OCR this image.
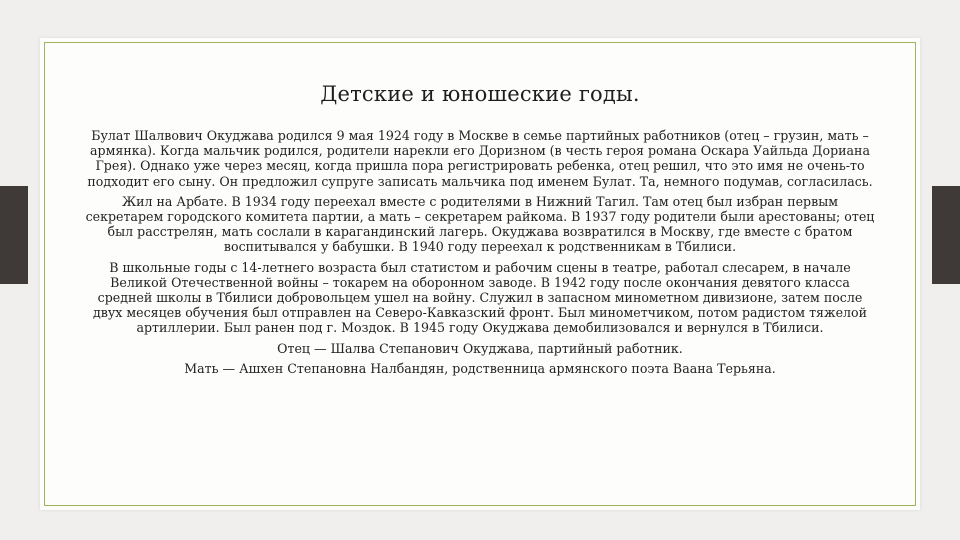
Детские и юношеские годы.

Булат Шалвович Окуджава родился 9 мая 1924 году в Москве в семье партийных работников (отец – грузин, мать – армянка). Когда мальчик родился, родители нарекли его Доризном (в честь героя романа Оскара Уайльда Дориана Грея). Однако уже через месяц, когда пришла пора регистрировать ребенка, отец решил, что это имя не очень-то подходит его сыну. Он предложил супруге записать мальчика под именем Булат. Та, немного подумав, согласилась.

Жил на Арбате. В 1934 году переехал вместе с родителями в Нижний Тагил. Там отец был избран первым секретарем городского комитета партии, а мать – секретарем райкома. В 1937 году родители были арестованы; отец был расстрелян, мать сослали в карагандинский лагерь. Окуджава возвратился в Москву, где вместе с братом воспитывался у бабушки. В 1940 году переехал к родственникам в Тбилиси.

В школьные годы с 14-летнего возраста был статистом и рабочим сцены в театре, работал слесарем, в начале Великой Отечественной войны – токарем на оборонном заводе. В 1942 году после окончания девятого класса средней школы в Тбилиси добровольцем ушел на войну. Служил в запасном минометном дивизионе, затем после двух месяцев обучения был отправлен на Северо-Кавказский фронт. Был минометчиком, потом радистом тяжелой артиллерии. Был ранен под г. Моздок. В 1945 году Окуджава демобилизовался и вернулся в Тбилиси.

Отец — Шалва Степанович Окуджава, партийный работник.

Мать — Ашхен Степановна Налбандян, родственница армянского поэта Ваана Терьяна.
